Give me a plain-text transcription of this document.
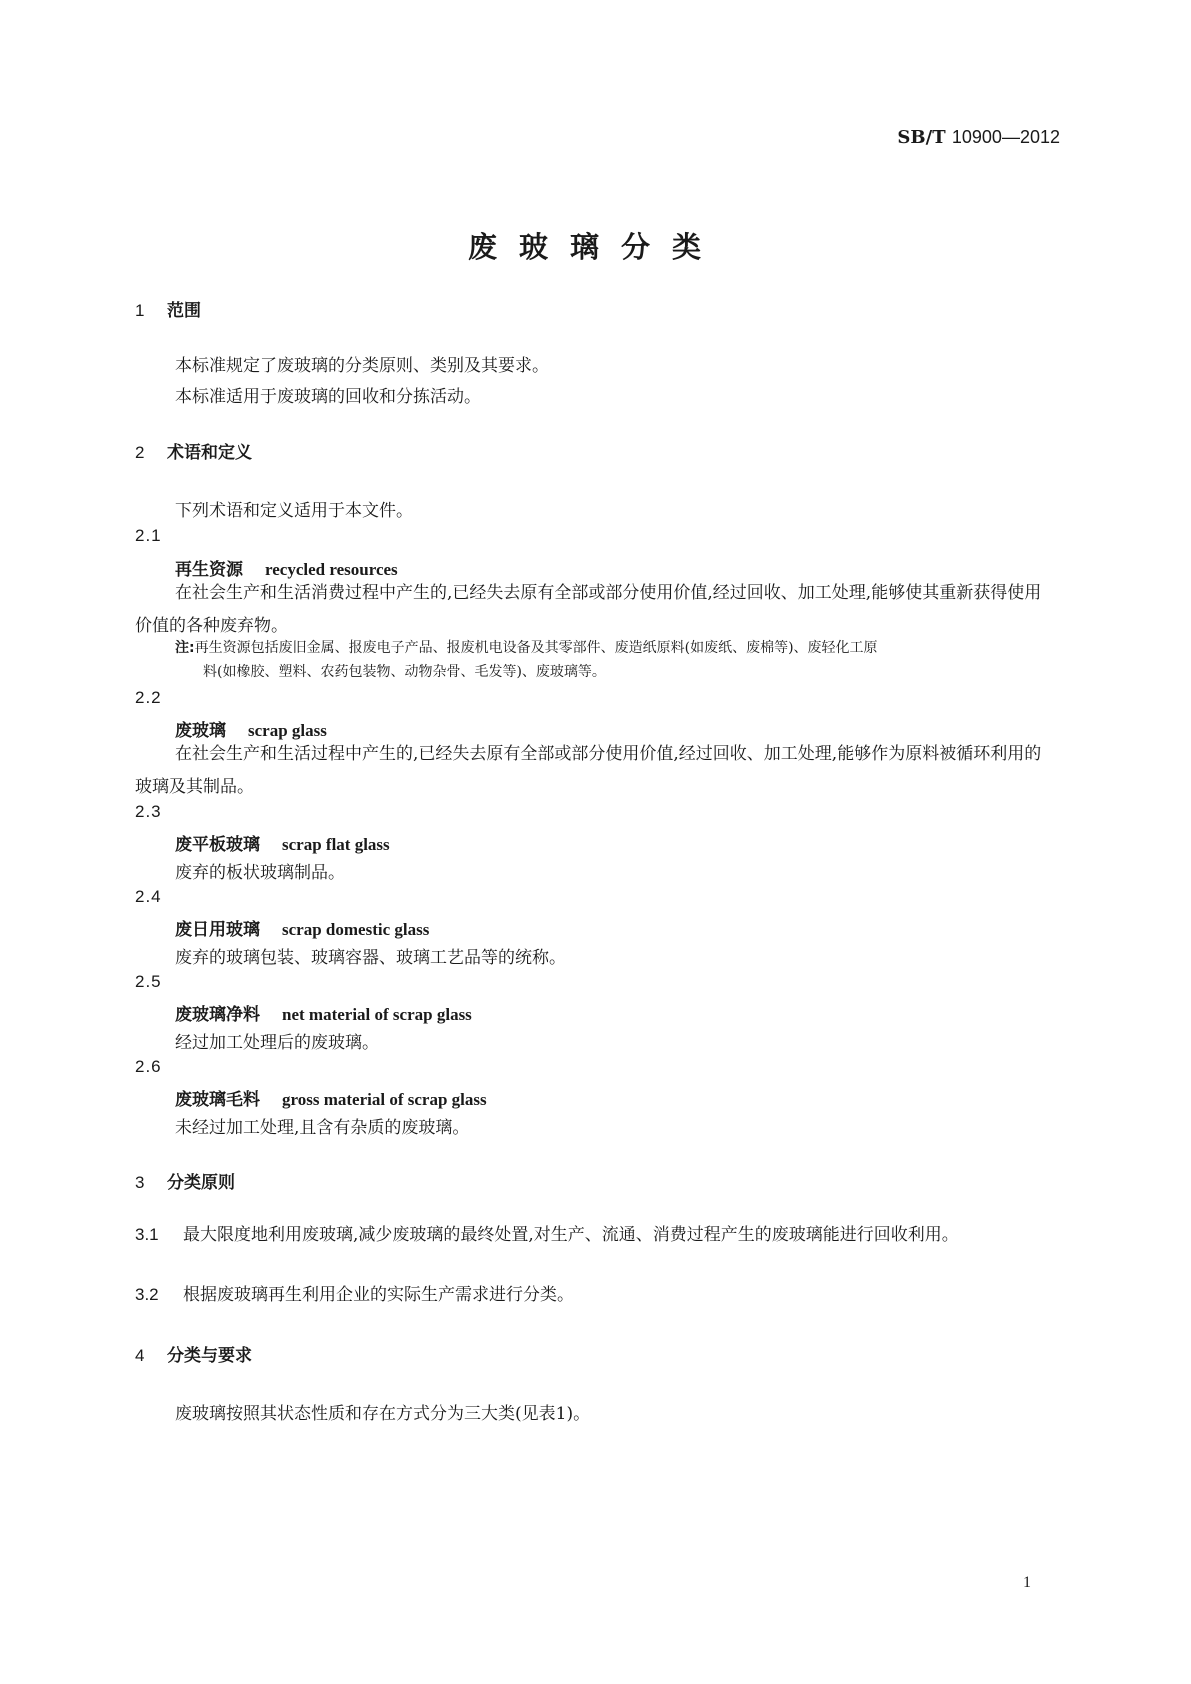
SB/T 10900—2012
废玻璃分类
1 范围
本标准规定了废玻璃的分类原则、类别及其要求。
本标准适用于废玻璃的回收和分拣活动。
2 术语和定义
下列术语和定义适用于本文件。
2.1
再生资源 recycled resources
在社会生产和生活消费过程中产生的,已经失去原有全部或部分使用价值,经过回收、加工处理,能够使其重新获得使用价值的各种废弃物。
注:再生资源包括废旧金属、报废电子产品、报废机电设备及其零部件、废造纸原料(如废纸、废棉等)、废轻化工原
料(如橡胶、塑料、农药包装物、动物杂骨、毛发等)、废玻璃等。
2.2
废玻璃 scrap glass
在社会生产和生活过程中产生的,已经失去原有全部或部分使用价值,经过回收、加工处理,能够作为原料被循环利用的玻璃及其制品。
2.3
废平板玻璃 scrap flat glass
废弃的板状玻璃制品。
2.4
废日用玻璃 scrap domestic glass
废弃的玻璃包装、玻璃容器、玻璃工艺品等的统称。
2.5
废玻璃净料 net material of scrap glass
经过加工处理后的废玻璃。
2.6
废玻璃毛料 gross material of scrap glass
未经过加工处理,且含有杂质的废玻璃。
3 分类原则
3.1 最大限度地利用废玻璃,减少废玻璃的最终处置,对生产、流通、消费过程产生的废玻璃能进行回收利用。
3.2 根据废玻璃再生利用企业的实际生产需求进行分类。
4 分类与要求
废玻璃按照其状态性质和存在方式分为三大类(见表1)。
1
